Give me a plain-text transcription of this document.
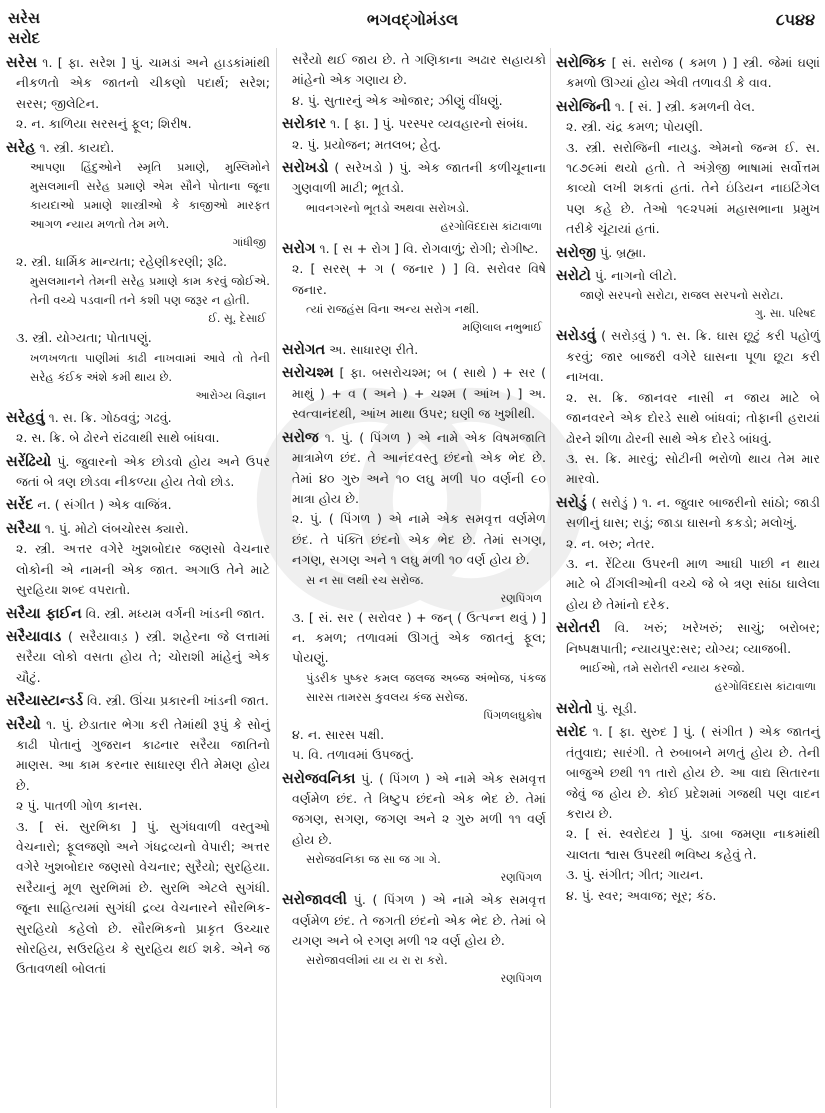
સરેસ
સરોદ
ભગવદ્ગોમંડલ	૮૫૪૪
સરેસ ૧. [ ફા. સરેશ ] પું. ચામડાં અને હાડકાંમાંથી નીકળતો એક જાતનો ચીકણો પદાર્થ; સરેશ; સરસ; જીલેટિન.
૨. ન. કાળિયા સરસનું ફૂલ; શિરીષ.
સરેહ ૧. સ્ત્રી. કાયદો.
આપણા હિંદુઓને સ્મૃતિ પ્રમાણે, મુસ્લિમોને મુસલમાની સરેહ પ્રમાણે એમ સૌને પોતાના જૂના કાયદાઓ પ્રમાણે શાસ્ત્રીઓ કે કાજીઓ મારફત આગળ ન્યાય મળતો તેમ મળે.
ગાંધીજી
૨. સ્ત્રી. ધાર્મિક માન્યતા; રહેણીકરણી; રૂઢિ.
મુસલમાનને તેમની સરેહ પ્રમાણે કામ કરવું જોઈએ. તેની વચ્ચે પડવાની તને કશી પણ જરૂર ન હોતી.
ઈ. સૂ. દેસાઈ
૩. સ્ત્રી. યોગ્યતા; પોતાપણું.
ખળખળતા પાણીમાં કાઢી નાખવામાં આવે તો તેની સરેહ કંઈક અંશે કમી થાય છે.
આરોગ્ય વિજ્ઞાન
સરેહવું ૧. સ. ક્રિ. ગોઠવવું; ગઢવું.
૨. સ. ક્રિ. બે ઢોરને રાંઢવાથી સાથે બાંધવા.
સરેંઢિયો પું. જુવારનો એક છોડવો હોય અને ઉપર જતાં બે ત્રણ છોડવા નીકળ્યા હોય તેવો છોડ.
સરેંદ ન. ( સંગીત ) એક વાજિંત્ર.
સરૈયા ૧. પું. મોટો લંબચોરસ ક્યારો.
૨. સ્ત્રી. અત્તર વગેરે ખુશબોદાર જણસો વેચનાર લોકોની એ નામની એક જાત. અગાઉ તેને માટે સુરહિયા શબ્દ વપરાતો.
સરૈયા ફાઈન વિ. સ્ત્રી. મધ્યમ વર્ગની ખાંડની જાત.
સરૈયાવાડ ( સરૈયાવાડ઼ ) સ્ત્રી. શહેરના જે લત્તામાં સરૈયા લોકો વસતા હોય તે; ચોરાશી માંહેનું એક ચૌટું.
સરૈયાસ્ટાન્ડર્ડ વિ. સ્ત્રી. ઊંચા પ્રકારની ખાંડની જાત.
સરૈયો ૧. પું. છેડાતાર ભેગા કરી તેમાંથી રૂપું કે સોનું કાઢી પોતાનું ગુજરાન કાઢનાર સરૈયા જાતિનો માણસ. આ કામ કરનાર સાધારણ રીતે મેમણ હોય છે.
૨ પું. પાતળી ગોળ કાનસ.
૩. [ સં. સુરભિકા ] પું. સુગંધવાળી વસ્તુઓ વેચનારો; ફૂલજણો અને ગંધદ્રવ્યનો વેપારી; અત્તર વગેરે ખુશબોદાર જણસો વેચનાર; સુરૈયો; સુરહિયા. સરૈયાનું મૂળ સુરભિમાં છે. સુરભિ એટલે સુગંધી. જૂના સાહિત્યમાં સુગંધી દ્રવ્ય વેચનારને સૌરભિક-સુરહિયો કહેલો છે. સૌરભિકનો પ્રાકૃત ઉચ્ચાર સોરહિય, સઉરહિય કે સુરહિય થઈ શકે. એને જ ઉતાવળથી બોલતાં
સરૈયો થઈ જાય છે. તે ગણિકાના અઢાર સહાયકો માંહેનો એક ગણાય છે.
૪. પું. સુતારનું એક ઓજાર; ઝીણું વીંધણું.
સરોકાર ૧. [ ફા. ] પું. પરસ્પર વ્યવહારનો સંબંધ.
૨. પું. પ્રયોજન; મતલબ; હેતુ.
સરોખડો ( સરેખડો ) પું. એક જાતની કળીચૂનાના ગુણવાળી માટી; ભૂતડો.
ભાવનગરનો ભૂતડો અથવા સરોખડો.
હરગોવિંદદાસ કાંટાવાળા
સરોગ ૧. [ સ + રોગ ] વિ. રોગવાળું; રોગી; રોગીષ્ટ.
૨. [ સરસ્ + ગ ( જનાર ) ] વિ. સરોવર વિષે જનાર.
ત્યાં રાજહંસ વિના અન્ય સરોગ નથી.
મણિલાલ નભુભાઈ
સરોગત અ. સાધારણ રીતે.
સરોચશ્મ [ ફા. બસરોચશ્મ; બ ( સાથે ) + સર ( માથું ) + વ ( અને ) + ચશ્મ ( આંખ ) ] અ. સ્વત્વાનંદથી, આંખ માથા ઉપર; ઘણી જ ખુશીથી.
સરોજ ૧. પું. ( પિંગળ ) એ નામે એક વિષમજાતિ માત્રામેળ છંદ. તે આનંદવસ્તુ છંદનો એક ભેદ છે. તેમાં ૪૦ ગુરુ અને ૧૦ લઘુ મળી ૫૦ વર્ણની ૯૦ માત્રા હોય છે.
૨. પું. ( પિંગળ ) એ નામે એક સમવૃત્ત વર્ણમેળ છંદ. તે પંક્તિ છંદનો એક ભેદ છે. તેમાં સગણ, નગણ, સગણ અને ૧ લઘુ મળી ૧૦ વર્ણ હોય છે.
સ ન સા લથી રચ સરોજ.
રણપિંગળ
૩. [ સં. સર ( સરોવર ) + જન્ ( ઉત્પન્ન થવું ) ] ન. કમળ; તળાવમાં ઊગતું એક જાતનું ફૂલ; પોયણું.
પુંડરીક પુષ્કર કમલ જલજ અબ્જ અંભોજ, પંકજ સારસ તામરસ કુવલય કંજ સરોજ.
પિંગળલઘુકોષ
૪. ન. સારસ પક્ષી.
૫. વિ. તળાવમાં ઉપજતું.
સરોજવનિકા પું. ( પિંગળ ) એ નામે એક સમવૃત્ત વર્ણમેળ છંદ. તે ત્રિષ્ટુપ છંદનો એક ભેદ છે. તેમાં જગણ, સગણ, જગણ અને ૨ ગુરુ મળી ૧૧ વર્ણ હોય છે.
સરોજવનિકા જ સા જ ગા ગે.
રણપિંગળ
સરોજાવલી પું. ( પિંગળ ) એ નામે એક સમવૃત્ત વર્ણમેળ છંદ. તે જગતી છંદનો એક ભેદ છે. તેમાં બે યગણ અને બે રગણ મળી ૧૨ વર્ણ હોય છે.
સરોજાવલીમાં યા ય રા રા કરો.
રણપિંગળ
સરોજિક [ સં. સરોજ ( કમળ ) ] સ્ત્રી. જેમાં ઘણાં કમળો ઊગ્યાં હોય એવી તળાવડી કે વાવ.
સરોજિની ૧. [ સં. ] સ્ત્રી. કમળની વેલ.
૨. સ્ત્રી. ચંદ્ર કમળ; પોયણી.
૩. સ્ત્રી. સરોજિની નાયડુ. એમનો જન્મ ઈ. સ. ૧૮૭૯માં થયો હતો. તે અંગ્રેજી ભાષામાં સર્વોત્તમ કાવ્યો લખી શકતાં હતાં. તેને ઇંડિયન નાઇટિંગેલ પણ કહે છે. તેઓ ૧૯૨૫માં મહાસભાના પ્રમુખ તરીકે ચૂંટાયાં હતાં.
સરોજી પું. બ્રહ્મા.
સરોટો પું. નાગનો લીટો.
જાણે સરપનો સરોટા, રાજલ સરપનો સરોટા.
ગુ. સા. પરિષદ
સરોડવું ( સરોડ઼વું ) ૧. સ. ક્રિ. ઘાસ છૂટું કરી પહોળું કરવું; જાર બાજરી વગેરે ઘાસના પૂળા છૂટા કરી નાખવા.
૨. સ. ક્રિ. જાનવર નાસી ન જાય માટે બે જાનવરને એક દોરડે સાથે બાંધવાં; તોફાની હરાયાં ઢોરને શીળા ઢોરની સાથે એક દોરડે બાંધવું.
૩. સ. ક્રિ. મારવું; સોટીની ભરોળો થાય તેમ માર મારવો.
સરોડું ( સરોડ઼ું ) ૧. ન. જુવાર બાજરીનો સાંઠો; જાડી સળીનું ઘાસ; રાડું; જાડા ઘાસનો કકડો; મલોખું.
૨. ન. બરુ; નેતર.
૩. ન. રેંટિયા ઉપરની માળ આઘી પાછી ન થાય માટે બે ઢીંગલીઓની વચ્ચે જે બે ત્રણ સાંઠા ઘાલેલા હોય છે તેમાંનો દરેક.
સરોતરી વિ. ખરું; ખરેખરું; સાચું; બરોબર; નિષ્પક્ષપાતી; ન્યાયપુર:સર; યોગ્ય; વ્યાજબી.
ભાઈઓ, તમે સરોતરી ન્યાય કરજો.
હરગોવિંદદાસ કાંટાવાળા
સરોતો પું. સૂડી.
સરોદ ૧. [ ફા. સુરુદ ] પું. ( સંગીત ) એક જાતનું તંતુવાદ્ય; સારંગી. તે રુબાબને મળતું હોય છે. તેની બાજુએ છથી ૧૧ તારો હોય છે. આ વાદ્ય સિતારના જેવું જ હોય છે. કોઈ પ્રદેશમાં ગજથી પણ વાદન કરાય છે.
૨. [ સં. સ્વરોદય ] પું. ડાબા જમણા નાકમાંથી ચાલતા શ્વાસ ઉપરથી ભવિષ્ય કહેવું તે.
૩. પું. સંગીત; ગીત; ગાયન.
૪. પું. સ્વર; અવાજ; સૂર; કંઠ.
